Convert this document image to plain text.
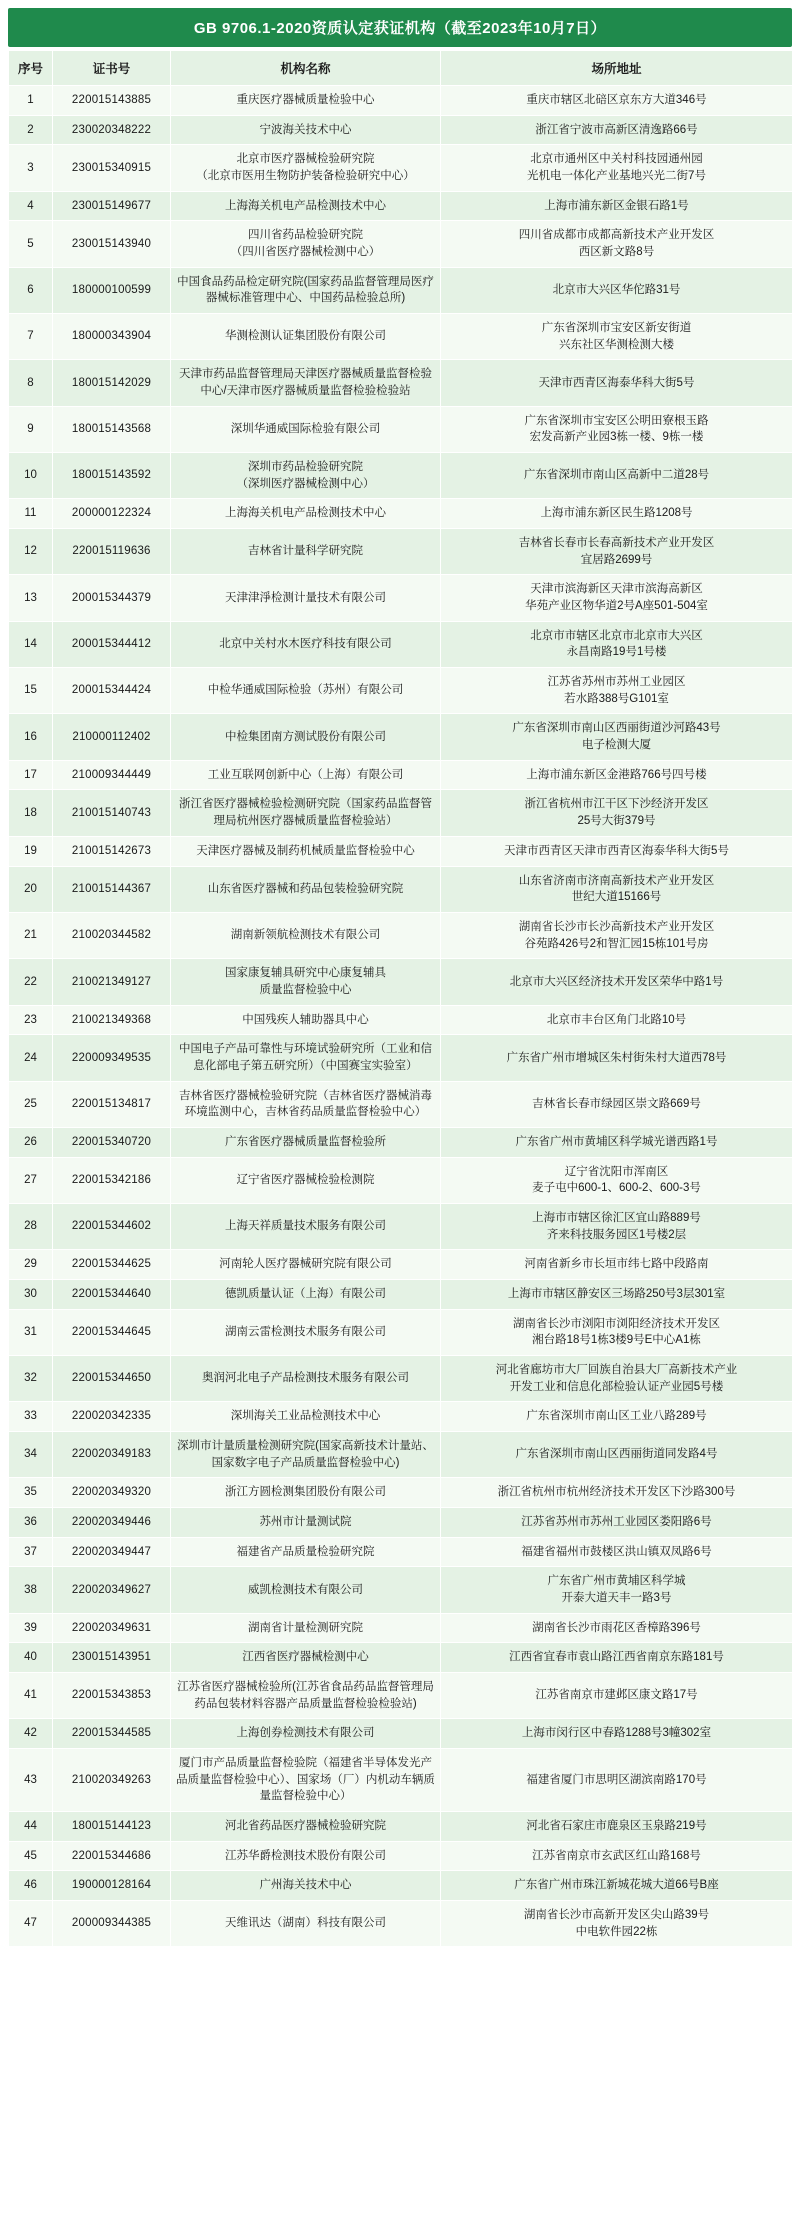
GB 9706.1-2020资质认定获证机构（截至2023年10月7日）
序号	证书号	机构名称	场所地址
1	220015143885	重庆医疗器械质量检验中心	重庆市辖区北碚区京东方大道346号
2	230020348222	宁波海关技术中心	浙江省宁波市高新区清逸路66号
3	230015340915	北京市医疗器械检验研究院
（北京市医用生物防护装备检验研究中心）	北京市通州区中关村科技园通州园
光机电一体化产业基地兴光二街7号
4	230015149677	上海海关机电产品检测技术中心	上海市浦东新区金银石路1号
5	230015143940	四川省药品检验研究院
（四川省医疗器械检测中心）	四川省成都市成都高新技术产业开发区
西区新文路8号
6	180000100599	中国食品药品检定研究院(国家药品监督管理局医疗器械标准管理中心、中国药品检验总所)	北京市大兴区华佗路31号
7	180000343904	华测检测认证集团股份有限公司	广东省深圳市宝安区新安街道
兴东社区华测检测大楼
8	180015142029	天津市药品监督管理局天津医疗器械质量监督检验中心/天津市医疗器械质量监督检验检验站	天津市西青区海泰华科大街5号
9	180015143568	深圳华通威国际检验有限公司	广东省深圳市宝安区公明田寮根玉路
宏发高新产业园3栋一楼、9栋一楼
10	180015143592	深圳市药品检验研究院
（深圳医疗器械检测中心）	广东省深圳市南山区高新中二道28号
11	200000122324	上海海关机电产品检测技术中心	上海市浦东新区民生路1208号
12	220015119636	吉林省计量科学研究院	吉林省长春市长春高新技术产业开发区
宜居路2699号
13	200015344379	天津津淨检测计量技术有限公司	天津市滨海新区天津市滨海高新区
华苑产业区物华道2号A座501-504室
14	200015344412	北京中关村水木医疗科技有限公司	北京市市辖区北京市北京市大兴区
永昌南路19号1号楼
15	200015344424	中检华通威国际检验（苏州）有限公司	江苏省苏州市苏州工业园区
若水路388号G101室
16	210000112402	中检集团南方测试股份有限公司	广东省深圳市南山区西丽街道沙河路43号
电子检测大厦
17	210009344449	工业互联网创新中心（上海）有限公司	上海市浦东新区金港路766号四号楼
18	210015140743	浙江省医疗器械检验检测研究院（国家药品监督管理局杭州医疗器械质量监督检验站）	浙江省杭州市江干区下沙经济开发区
25号大街379号
19	210015142673	天津医疗器械及制药机械质量监督检验中心	天津市西青区天津市西青区海泰华科大街5号
20	210015144367	山东省医疗器械和药品包装检验研究院	山东省济南市济南高新技术产业开发区
世纪大道15166号
21	210020344582	湖南新领航检测技术有限公司	湖南省长沙市长沙高新技术产业开发区
谷苑路426号2和智汇园15栋101号房
22	210021349127	国家康复辅具研究中心康复辅具
质量监督检验中心	北京市大兴区经济技术开发区荣华中路1号
23	210021349368	中国残疾人辅助器具中心	北京市丰台区角门北路10号
24	220009349535	中国电子产品可靠性与环境试验研究所（工业和信息化部电子第五研究所）（中国赛宝实验室）	广东省广州市增城区朱村街朱村大道西78号
25	220015134817	吉林省医疗器械检验研究院（吉林省医疗器械消毒环境监测中心，吉林省药品质量监督检验中心）	吉林省长春市绿园区崇文路669号
26	220015340720	广东省医疗器械质量监督检验所	广东省广州市黄埔区科学城光谱西路1号
27	220015342186	辽宁省医疗器械检验检测院	辽宁省沈阳市浑南区
麦子屯中600-1、600-2、600-3号
28	220015344602	上海天祥质量技术服务有限公司	上海市市辖区徐汇区宜山路889号
齐来科技服务园区1号楼2层
29	220015344625	河南轮人医疗器械研究院有限公司	河南省新乡市长垣市纬七路中段路南
30	220015344640	德凯质量认证（上海）有限公司	上海市市辖区静安区三场路250号3层301室
31	220015344645	湖南云雷检测技术服务有限公司	湖南省长沙市浏阳市浏阳经济技术开发区
湘台路18号1栋3楼9号E中心A1栋
32	220015344650	奥润河北电子产品检测技术服务有限公司	河北省廊坊市大厂回族自治县大厂高新技术产业
开发工业和信息化部检验认证产业园5号楼
33	220020342335	深圳海关工业品检测技术中心	广东省深圳市南山区工业八路289号
34	220020349183	深圳市计量质量检测研究院(国家高新技术计量站、国家数字电子产品质量监督检验中心)	广东省深圳市南山区西丽街道同发路4号
35	220020349320	浙江方圆检测集团股份有限公司	浙江省杭州市杭州经济技术开发区下沙路300号
36	220020349446	苏州市计量测试院	江苏省苏州市苏州工业园区娄阳路6号
37	220020349447	福建省产品质量检验研究院	福建省福州市鼓楼区洪山镇双凤路6号
38	220020349627	威凯检测技术有限公司	广东省广州市黄埔区科学城
开泰大道天丰一路3号
39	220020349631	湖南省计量检测研究院	湖南省长沙市雨花区香樟路396号
40	230015143951	江西省医疗器械检测中心	江西省宜春市袁山路江西省南京东路181号
41	220015343853	江苏省医疗器械检验所(江苏省食品药品监督管理局药品包装材料容器产品质量监督检验检验站)	江苏省南京市建邺区康文路17号
42	220015344585	上海创券检测技术有限公司	上海市闵行区中春路1288号3幢302室
43	210020349263	厦门市产品质量监督检验院（福建省半导体发光产品质量监督检验中心）、国家场（厂）内机动车辆质量监督检验中心）	福建省厦门市思明区湖滨南路170号
44	180015144123	河北省药品医疗器械检验研究院	河北省石家庄市鹿泉区玉泉路219号
45	220015344686	江苏华爵检测技术股份有限公司	江苏省南京市玄武区红山路168号
46	190000128164	广州海关技术中心	广东省广州市珠江新城花城大道66号B座
47	200009344385	天维讯达（湖南）科技有限公司	湖南省长沙市高新开发区尖山路39号
中电软件园22栋
